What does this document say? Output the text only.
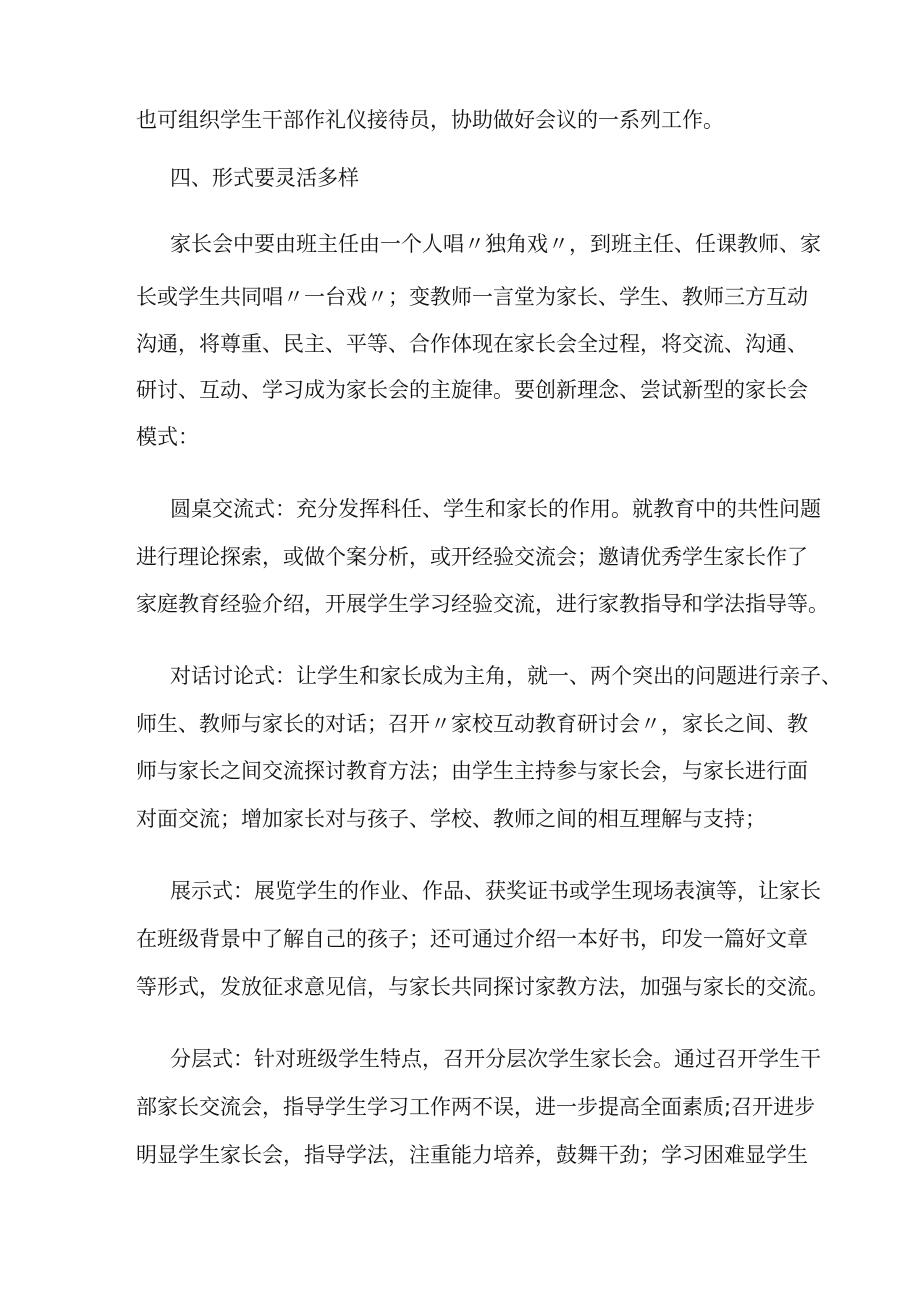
也可组织学生干部作礼仪接待员，协助做好会议的一系列工作。
四、形式要灵活多样
家长会中要由班主任由一个人唱〃独角戏〃，到班主任、任课教师、家
长或学生共同唱〃一台戏〃；变教师一言堂为家长、学生、教师三方互动
沟通，将尊重、民主、平等、合作体现在家长会全过程，将交流、沟通、
研讨、互动、学习成为家长会的主旋律。要创新理念、尝试新型的家长会
模式：
圆桌交流式：充分发挥科任、学生和家长的作用。就教育中的共性问题
进行理论探索，或做个案分析，或开经验交流会；邀请优秀学生家长作了
家庭教育经验介绍，开展学生学习经验交流，进行家教指导和学法指导等。
对话讨论式：让学生和家长成为主角，就一、两个突出的问题进行亲子、
师生、教师与家长的对话；召开〃家校互动教育研讨会〃，家长之间、教
师与家长之间交流探讨教育方法；由学生主持参与家长会，与家长进行面
对面交流；增加家长对与孩子、学校、教师之间的相互理解与支持；
展示式：展览学生的作业、作品、获奖证书或学生现场表演等，让家长
在班级背景中了解自己的孩子；还可通过介绍一本好书，印发一篇好文章
等形式，发放征求意见信，与家长共同探讨家教方法，加强与家长的交流。
分层式：针对班级学生特点，召开分层次学生家长会。通过召开学生干
部家长交流会，指导学生学习工作两不误，进一步提高全面素质;召开进步
明显学生家长会，指导学法，注重能力培养，鼓舞干劲；学习困难显学生
